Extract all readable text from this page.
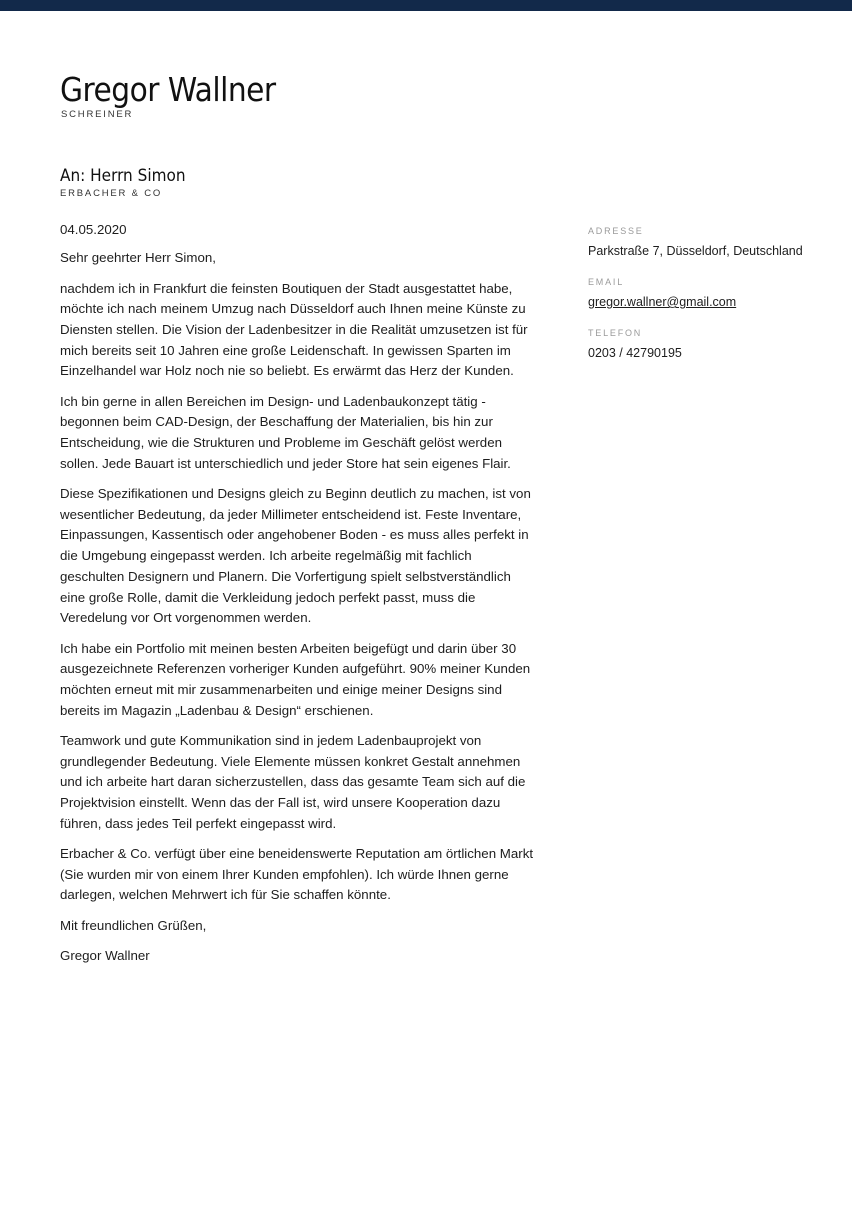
Gregor Wallner
SCHREINER
An: Herrn Simon
ERBACHER & CO

04.05.2020

Sehr geehrter Herr Simon,

nachdem ich in Frankfurt die feinsten Boutiquen der Stadt ausgestattet habe, möchte ich nach meinem Umzug nach Düsseldorf auch Ihnen meine Künste zu Diensten stellen. Die Vision der Ladenbesitzer in die Realität umzusetzen ist für mich bereits seit 10 Jahren eine große Leidenschaft. In gewissen Sparten im Einzelhandel war Holz noch nie so beliebt. Es erwärmt das Herz der Kunden.

Ich bin gerne in allen Bereichen im Design- und Ladenbaukonzept tätig - begonnen beim CAD-Design, der Beschaffung der Materialien, bis hin zur Entscheidung, wie die Strukturen und Probleme im Geschäft gelöst werden sollen. Jede Bauart ist unterschiedlich und jeder Store hat sein eigenes Flair.

Diese Spezifikationen und Designs gleich zu Beginn deutlich zu machen, ist von wesentlicher Bedeutung, da jeder Millimeter entscheidend ist. Feste Inventare, Einpassungen, Kassentisch oder angehobener Boden - es muss alles perfekt in die Umgebung eingepasst werden. Ich arbeite regelmäßig mit fachlich geschulten Designern und Planern. Die Vorfertigung spielt selbstverständlich eine große Rolle, damit die Verkleidung jedoch perfekt passt, muss die Veredelung vor Ort vorgenommen werden.

Ich habe ein Portfolio mit meinen besten Arbeiten beigefügt und darin über 30 ausgezeichnete Referenzen vorheriger Kunden aufgeführt. 90% meiner Kunden möchten erneut mit mir zusammenarbeiten und einige meiner Designs sind bereits im Magazin „Ladenbau & Design“ erschienen.

Teamwork und gute Kommunikation sind in jedem Ladenbauprojekt von grundlegender Bedeutung. Viele Elemente müssen konkret Gestalt annehmen und ich arbeite hart daran sicherzustellen, dass das gesamte Team sich auf die Projektvision einstellt. Wenn das der Fall ist, wird unsere Kooperation dazu führen, dass jedes Teil perfekt eingepasst wird.

Erbacher & Co. verfügt über eine beneidenswerte Reputation am örtlichen Markt (Sie wurden mir von einem Ihrer Kunden empfohlen). Ich würde Ihnen gerne darlegen, welchen Mehrwert ich für Sie schaffen könnte.

Mit freundlichen Grüßen,

Gregor Wallner

ADRESSE
Parkstraße 7, Düsseldorf, Deutschland
EMAIL
gregor.wallner@gmail.com
TELEFON
0203 / 42790195
